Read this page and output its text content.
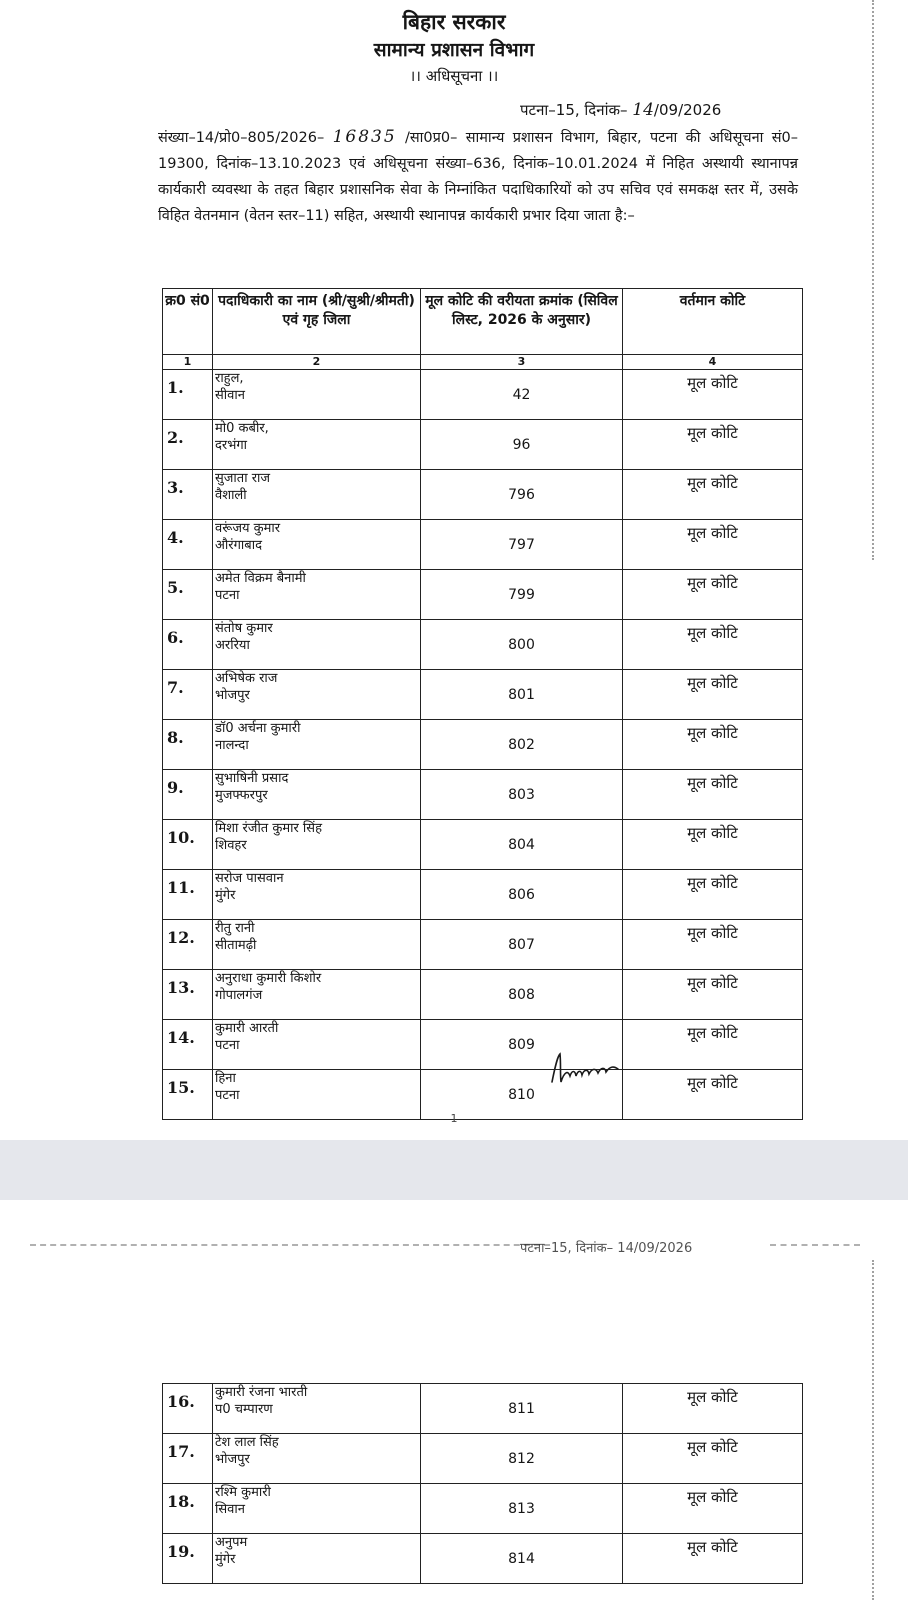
बिहार सरकार
सामान्य प्रशासन विभाग
।। अधिसूचना ।।
पटना–15, दिनांक– 14/09/2026
संख्या–14/प्रो0–805/2026– 16835 /सा0प्र0– सामान्य प्रशासन विभाग, बिहार, पटना की अधिसूचना सं0–19300, दिनांक–13.10.2023 एवं अधिसूचना संख्या–636, दिनांक–10.01.2024 में निहित अस्थायी स्थानापन्न कार्यकारी व्यवस्था के तहत बिहार प्रशासनिक सेवा के निम्नांकित पदाधिकारियों को उप सचिव एवं समकक्ष स्तर में, उसके विहित वेतनमान (वेतन स्तर–11) सहित, अस्थायी स्थानापन्न कार्यकारी प्रभार दिया जाता है:–
क्र0 सं0	पदाधिकारी का नाम (श्री/सुश्री/श्रीमती) एवं गृह जिला	मूल कोटि की वरीयता क्रमांक (सिविल लिस्ट, 2026 के अनुसार)	वर्तमान कोटि
1	2	3	4
1.	राहुल,
सीवान	42	मूल कोटि
2.	मो0 कबीर,
दरभंगा	96	मूल कोटि
3.	सुजाता राज
वैशाली	796	मूल कोटि
4.	वरूंजय कुमार
औरंगाबाद	797	मूल कोटि
5.	अमेत विक्रम बैनामी
पटना	799	मूल कोटि
6.	संतोष कुमार
अररिया	800	मूल कोटि
7.	अभिषेक राज
भोजपुर	801	मूल कोटि
8.	डॉ0 अर्चना कुमारी
नालन्दा	802	मूल कोटि
9.	सुभाषिनी प्रसाद
मुजफ्फरपुर	803	मूल कोटि
10.	मिशा रंजीत कुमार सिंह
शिवहर	804	मूल कोटि
11.	सरोज पासवान
मुंगेर	806	मूल कोटि
12.	रीतु रानी
सीतामढ़ी	807	मूल कोटि
13.	अनुराधा कुमारी किशोर
गोपालगंज	808	मूल कोटि
14.	कुमारी आरती
पटना	809	मूल कोटि
15.	हिना
पटना	810	मूल कोटि
1
पटना–15, दिनांक– 14/09/2026
16.	कुमारी रंजना भारती
प0 चम्पारण	811	मूल कोटि
17.	टेश लाल सिंह
भोजपुर	812	मूल कोटि
18.	रश्मि कुमारी
सिवान	813	मूल कोटि
19.	अनुपम
मुंगेर	814	मूल कोटि
